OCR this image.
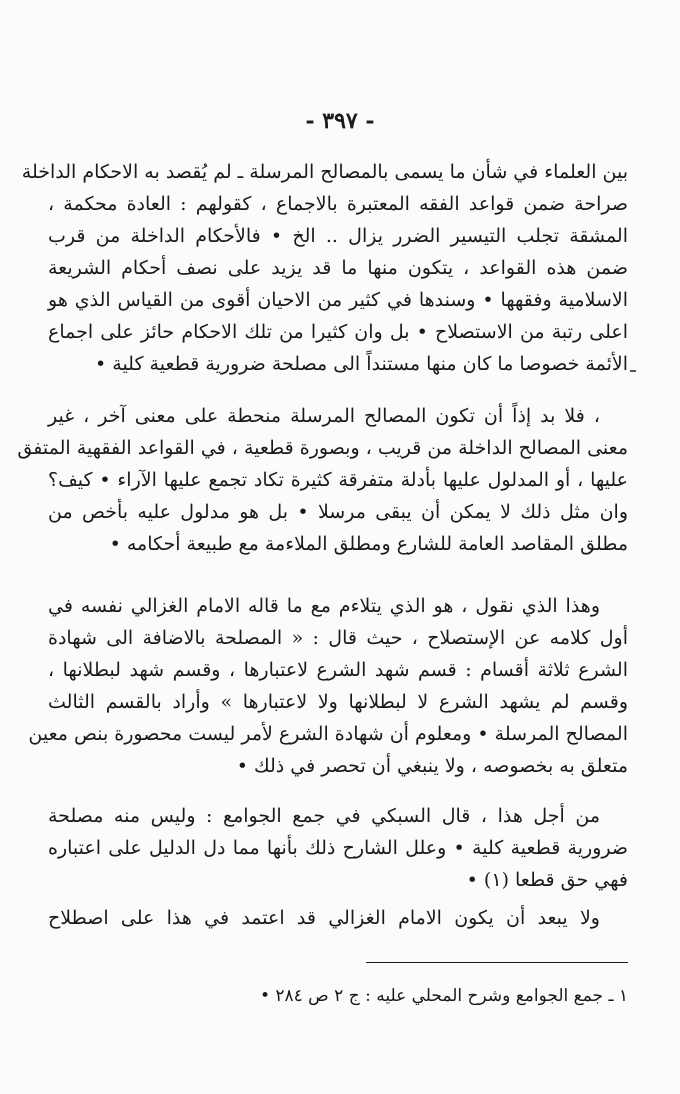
- ٣٩٧ -
بين العلماء في شأن ما يسمى بالمصالح المرسلة ـ لم يُقصد به الاحكام الداخلة
صراحة ضمن قواعد الفقه المعتبرة بالاجماع ، كقولهم : العادة محكمة ،
المشقة تجلب التيسير الضرر يزال .. الخ • فالأحكام الداخلة من قرب
ضمن هذه القواعد ، يتكون منها ما قد يزيد على نصف أحكام الشريعة
الاسلامية وفقهها • وسندها في كثير من الاحيان أقوى من القياس الذي هو
اعلى رتبة من الاستصلاح • بل وان كثيرا من تلك الاحكام حائز على اجماع
الأئمة خصوصا ما كان منها مستنداً الى مصلحة ضرورية قطعية كلية •
، فلا بد إذاً أن تكون المصالح المرسلة منحطة على معنى آخر ، غير
معنى المصالح الداخلة من قريب ، وبصورة قطعية ، في القواعد الفقهية المتفق
عليها ، أو المدلول عليها بأدلة متفرقة كثيرة تكاد تجمع عليها الآراء • كيف؟
وان مثل ذلك لا يمكن أن يبقى مرسلا • بل هو مدلول عليه بأخص من
مطلق المقاصد العامة للشارع ومطلق الملاءمة مع طبيعة أحكامه •
وهذا الذي نقول ، هو الذي يتلاءم مع ما قاله الامام الغزالي نفسه في
أول كلامه عن الإستصلاح ، حيث قال : « المصلحة بالاضافة الى شهادة
الشرع ثلاثة أقسام : قسم شهد الشرع لاعتبارها ، وقسم شهد لبطلانها ،
وقسم لم يشهد الشرع لا لبطلانها ولا لاعتبارها » وأراد بالقسم الثالث
المصالح المرسلة • ومعلوم أن شهادة الشرع لأمر ليست محصورة بنص معين
متعلق به بخصوصه ، ولا ينبغي أن تحصر في ذلك •
من أجل هذا ، قال السبكي في جمع الجوامع : وليس منه مصلحة
ضرورية قطعية كلية • وعلل الشارح ذلك بأنها مما دل الدليل على اعتباره
فهي حق قطعا (١) •
ولا يبعد أن يكون الامام الغزالي قد اعتمد في هذا على اصطلاح
١ ـ جمع الجوامع وشرح المحلي عليه : ج ٢ ص ٢٨٤ •
